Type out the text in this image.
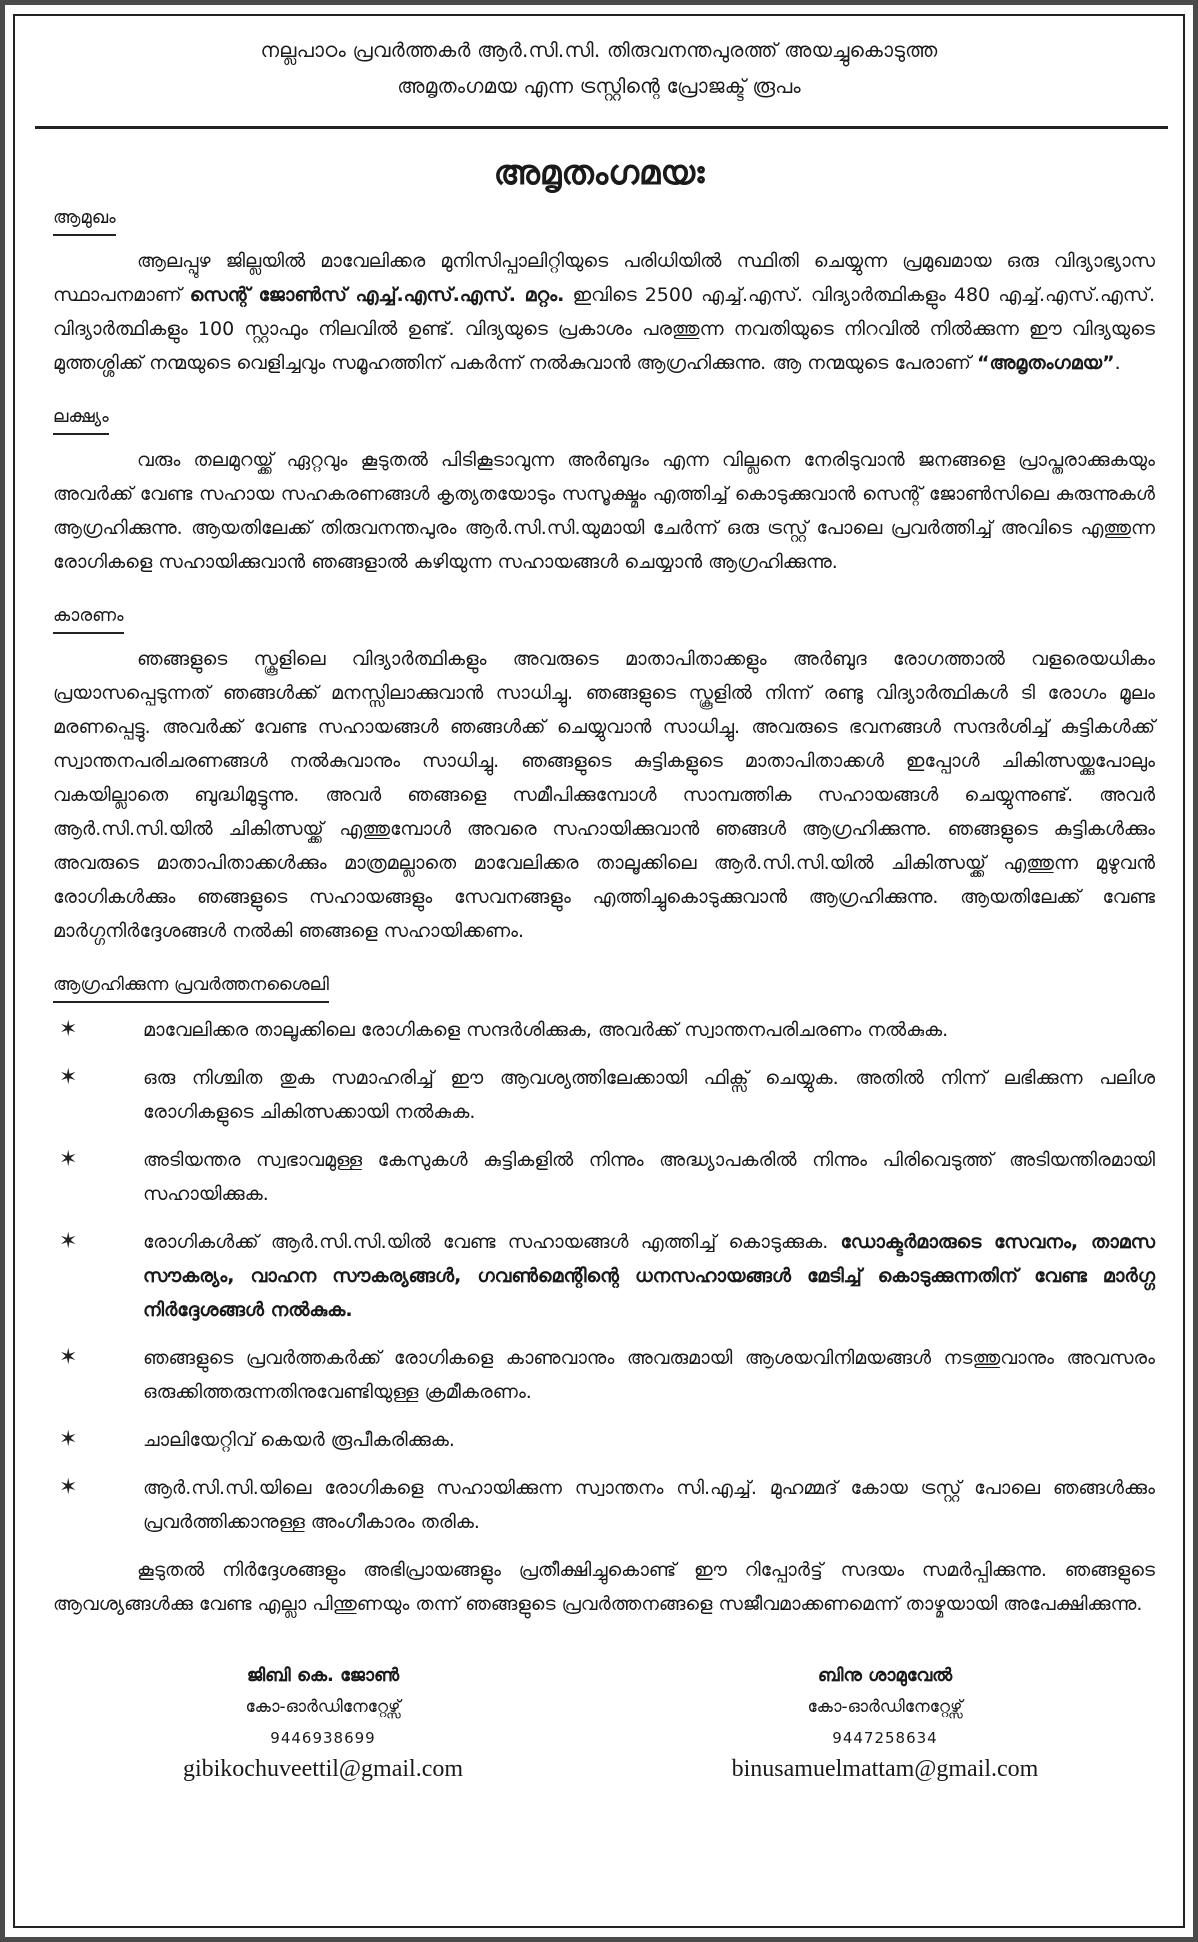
നല്ലപാഠം പ്രവർത്തകർ ആർ.സി.സി. തിരുവനന്തപുരത്ത് അയച്ചുകൊടുത്ത
അമൃതംഗമയ എന്ന ട്രസ്റ്റിന്റെ പ്രോജക്ട് രൂപം
അമൃതംഗമയഃ
ആമുഖം

ആലപ്പുഴ ജില്ലയിൽ മാവേലിക്കര മുനിസിപ്പാലിറ്റിയുടെ പരിധിയിൽ സ്ഥിതി ചെയ്യുന്ന പ്രമുഖമായ ഒരു വിദ്യാഭ്യാസ സ്ഥാപനമാണ് സെന്റ് ജോൺസ് എച്ച്.എസ്.എസ്. മറ്റം. ഇവിടെ 2500 എച്ച്.എസ്. വിദ്യാർത്ഥികളും 480 എച്ച്.എസ്.എസ്. വിദ്യാർത്ഥികളും 100 സ്റ്റാഫും നിലവിൽ ഉണ്ട്. വിദ്യയുടെ പ്രകാശം പരത്തുന്ന നവതിയുടെ നിറവിൽ നിൽക്കുന്ന ഈ വിദ്യയുടെ മുത്തശ്ശിക്ക് നന്മയുടെ വെളിച്ചവും സമൂഹത്തിന് പകർന്ന് നൽകുവാൻ ആഗ്രഹിക്കുന്നു. ആ നന്മയുടെ പേരാണ് “അമൃതംഗമയ”.

ലക്ഷ്യം

വരും തലമുറയ്ക്ക് ഏറ്റവും കൂടുതൽ പിടികൂടാവുന്ന അർബുദം എന്ന വില്ലനെ നേരിടുവാൻ ജനങ്ങളെ പ്രാപ്തരാക്കുകയും അവർക്ക് വേണ്ട സഹായ സഹകരണങ്ങൾ കൃത്യതയോടും സസൂക്ഷ്മം എത്തിച്ച് കൊടുക്കുവാൻ സെന്റ് ജോൺസിലെ കുരുന്നുകൾ ആഗ്രഹിക്കുന്നു. ആയതിലേക്ക് തിരുവനന്തപുരം ആർ.സി.സി.യുമായി ചേർന്ന് ഒരു ട്രസ്റ്റ് പോലെ പ്രവർത്തിച്ച് അവിടെ എത്തുന്ന രോഗികളെ സഹായിക്കുവാൻ ഞങ്ങളാൽ കഴിയുന്ന സഹായങ്ങൾ ചെയ്യാൻ ആഗ്രഹിക്കുന്നു.

കാരണം

ഞങ്ങളുടെ സ്കൂളിലെ വിദ്യാർത്ഥികളും അവരുടെ മാതാപിതാക്കളും അർബുദ രോഗത്താൽ വളരെയധികം പ്രയാസപ്പെടുന്നത് ഞങ്ങൾക്ക് മനസ്സിലാക്കുവാൻ സാധിച്ചു. ഞങ്ങളുടെ സ്കൂളിൽ നിന്ന് രണ്ടു വിദ്യാർത്ഥികൾ ടി രോഗം മൂലം മരണപ്പെട്ടു. അവർക്ക് വേണ്ട സഹായങ്ങൾ ഞങ്ങൾക്ക് ചെയ്യുവാൻ സാധിച്ചു. അവരുടെ ഭവനങ്ങൾ സന്ദർശിച്ച് കുട്ടികൾക്ക് സ്വാന്തനപരിചരണങ്ങൾ നൽകുവാനും സാധിച്ചു. ഞങ്ങളുടെ കുട്ടികളുടെ മാതാപിതാക്കൾ ഇപ്പോൾ ചികിത്സയ്ക്കുപോലും വകയില്ലാതെ ബുദ്ധിമുട്ടുന്നു. അവർ ഞങ്ങളെ സമീപിക്കുമ്പോൾ സാമ്പത്തിക സഹായങ്ങൾ ചെയ്യുന്നുണ്ട്. അവർ ആർ.സി.സി.യിൽ ചികിത്സയ്ക്ക് എത്തുമ്പോൾ അവരെ സഹായിക്കുവാൻ ഞങ്ങൾ ആഗ്രഹിക്കുന്നു. ഞങ്ങളുടെ കുട്ടികൾക്കും അവരുടെ മാതാപിതാക്കൾക്കും മാത്രമല്ലാതെ മാവേലിക്കര താലൂക്കിലെ ആർ.സി.സി.യിൽ ചികിത്സയ്ക്ക് എത്തുന്ന മുഴുവൻ രോഗികൾക്കും ഞങ്ങളുടെ സഹായങ്ങളും സേവനങ്ങളും എത്തിച്ചുകൊടുക്കുവാൻ ആഗ്രഹിക്കുന്നു. ആയതിലേക്ക് വേണ്ട മാർഗ്ഗനിർദ്ദേശങ്ങൾ നൽകി ഞങ്ങളെ സഹായിക്കണം.

ആഗ്രഹിക്കുന്ന പ്രവർത്തനശൈലി
✶	മാവേലിക്കര താലൂക്കിലെ രോഗികളെ സന്ദർശിക്കുക, അവർക്ക് സ്വാന്തനപരിചരണം നൽകുക.
✶	ഒരു നിശ്ചിത തുക സമാഹരിച്ച് ഈ ആവശ്യത്തിലേക്കായി ഫിക്സ് ചെയ്യുക. അതിൽ നിന്ന് ലഭിക്കുന്ന പലിശ രോഗികളുടെ ചികിത്സക്കായി നൽകുക.
✶	അടിയന്തര സ്വഭാവമുള്ള കേസുകൾ കുട്ടികളിൽ നിന്നും അദ്ധ്യാപകരിൽ നിന്നും പിരിവെടുത്ത് അടിയന്തിരമായി സഹായിക്കുക.
✶	രോഗികൾക്ക് ആർ.സി.സി.യിൽ വേണ്ട സഹായങ്ങൾ എത്തിച്ച് കൊടുക്കുക. ഡോക്ടർമാരുടെ സേവനം, താമസ സൗകര്യം, വാഹന സൗകര്യങ്ങൾ, ഗവൺമെന്റിന്റെ ധനസഹായങ്ങൾ മേടിച്ച് കൊടുക്കുന്നതിന് വേണ്ട മാർഗ്ഗ നിർദ്ദേശങ്ങൾ നൽകുക.
✶	ഞങ്ങളുടെ പ്രവർത്തകർക്ക് രോഗികളെ കാണുവാനും അവരുമായി ആശയവിനിമയങ്ങൾ നടത്തുവാനും അവസരം ഒരുക്കിത്തരുന്നതിനുവേണ്ടിയുള്ള ക്രമീകരണം.
✶	ചാലിയേറ്റിവ് കെയർ രൂപീകരിക്കുക.
✶	ആർ.സി.സി.യിലെ രോഗികളെ സഹായിക്കുന്ന സ്വാന്തനം സി.എച്ച്. മുഹമ്മദ് കോയ ട്രസ്റ്റ് പോലെ ഞങ്ങൾക്കും പ്രവർത്തിക്കാനുള്ള അംഗീകാരം തരിക.

കൂടുതൽ നിർദ്ദേശങ്ങളും അഭിപ്രായങ്ങളും പ്രതീക്ഷിച്ചുകൊണ്ട് ഈ റിപ്പോർട്ട് സദയം സമർപ്പിക്കുന്നു. ഞങ്ങളുടെ ആവശ്യങ്ങൾക്കു വേണ്ട എല്ലാ പിന്തുണയും തന്ന് ഞങ്ങളുടെ പ്രവർത്തനങ്ങളെ സജീവമാക്കണമെന്ന് താഴ്മയായി അപേക്ഷിക്കുന്നു.

ജിബി കെ. ജോൺ
കോ-ഓർഡിനേറ്റേഴ്സ്
9446938699
gibikochuveettil@gmail.com
ബിനു ശാമുവേൽ
കോ-ഓർഡിനേറ്റേഴ്സ്
9447258634
binusamuelmattam@gmail.com
